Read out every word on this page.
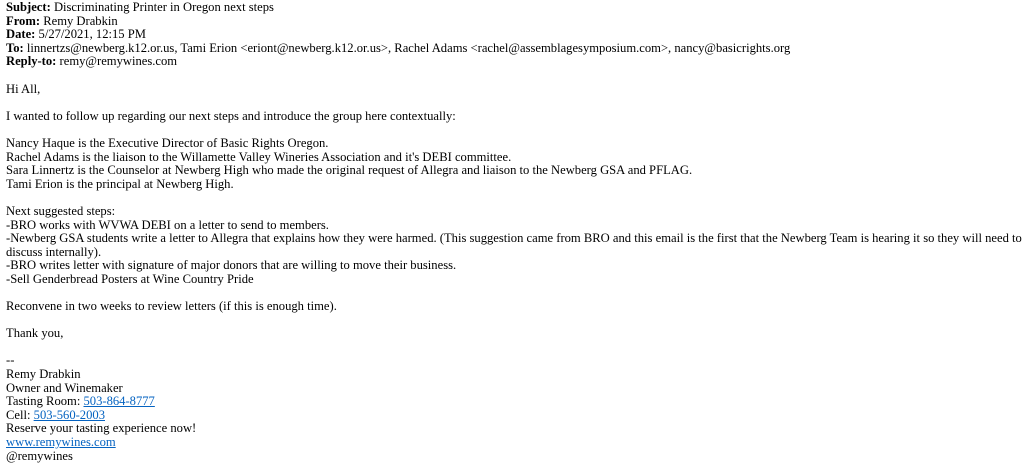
Subject: Discriminating Printer in Oregon next steps
From: Remy Drabkin
Date: 5/27/2021, 12:15 PM
To: linnertzs@newberg.k12.or.us, Tami Erion <eriont@newberg.k12.or.us>, Rachel Adams <rachel@assemblagesymposium.com>, nancy@basicrights.org
Reply-to: remy@remywines.com
Hi All,
I wanted to follow up regarding our next steps and introduce the group here contextually:
Nancy Haque is the Executive Director of Basic Rights Oregon.
Rachel Adams is the liaison to the Willamette Valley Wineries Association and it's DEBI committee.
Sara Linnertz is the Counselor at Newberg High who made the original request of Allegra and liaison to the Newberg GSA and PFLAG.
Tami Erion is the principal at Newberg High.
Next suggested steps:
-BRO works with WVWA DEBI on a letter to send to members.
-Newberg GSA students write a letter to Allegra that explains how they were harmed. (This suggestion came from BRO and this email is the first that the Newberg Team is hearing it so they will need to discuss internally).
-BRO writes letter with signature of major donors that are willing to move their business.
-Sell Genderbread Posters at Wine Country Pride
Reconvene in two weeks to review letters (if this is enough time).
Thank you,
--
Remy Drabkin
Owner and Winemaker
Tasting Room: 503-864-8777
Cell: 503-560-2003
Reserve your tasting experience now!
www.remywines.com
@remywines
